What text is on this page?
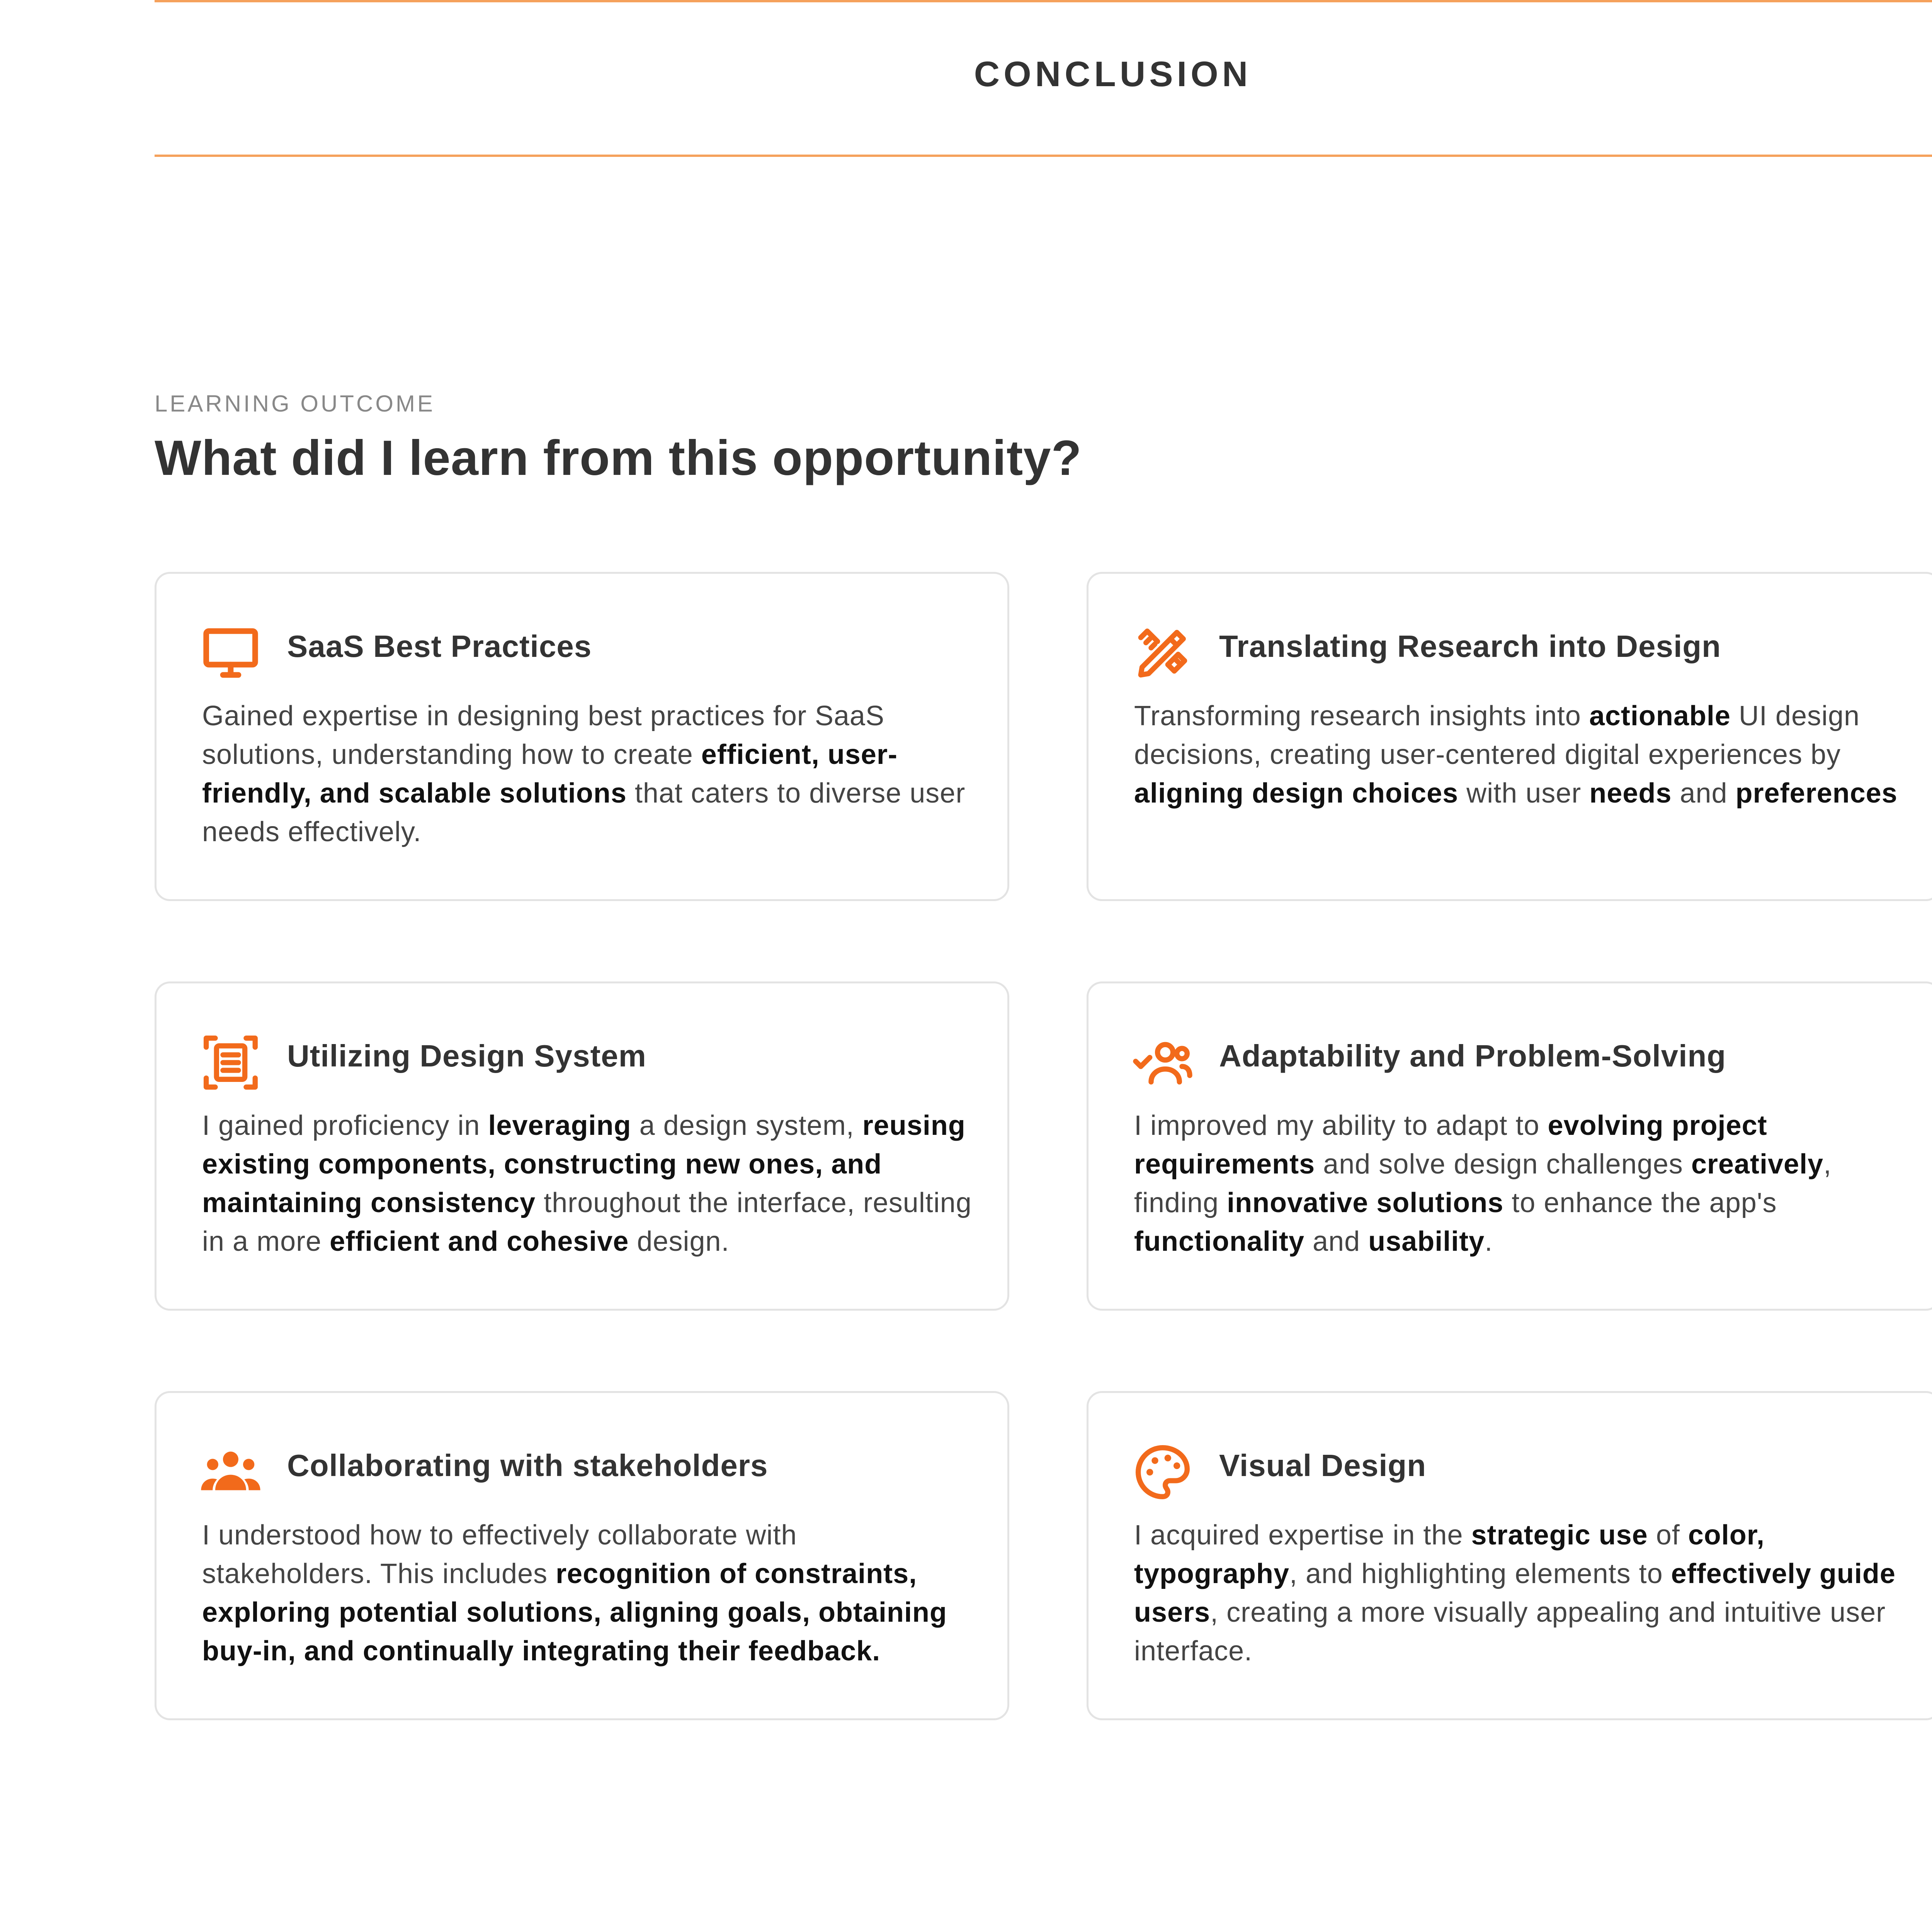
CONCLUSION

LEARNING OUTCOME

What did I learn from this opportunity?
SaaS Best Practices

Gained expertise in designing best practices for SaaS solutions, understanding how to create efficient, user-friendly, and scalable solutions that caters to diverse user needs effectively.

Translating Research into Design

Transforming research insights into actionable UI design decisions, creating user-centered digital experiences by aligning design choices with user needs and preferences

Utilizing Design System

I gained proficiency in leveraging a design system, reusing existing components, constructing new ones, and maintaining consistency throughout the interface, resulting in a more efficient and cohesive design.

Adaptability and Problem-Solving

I improved my ability to adapt to evolving project requirements and solve design challenges creatively, finding innovative solutions to enhance the app's functionality and usability.

Collaborating with stakeholders

I understood how to effectively collaborate with stakeholders. This includes recognition of constraints, exploring potential solutions, aligning goals, obtaining buy-in, and continually integrating their feedback.

Visual Design

I acquired expertise in the strategic use of color, typography, and highlighting elements to effectively guide users, creating a more visually appealing and intuitive user interface.
